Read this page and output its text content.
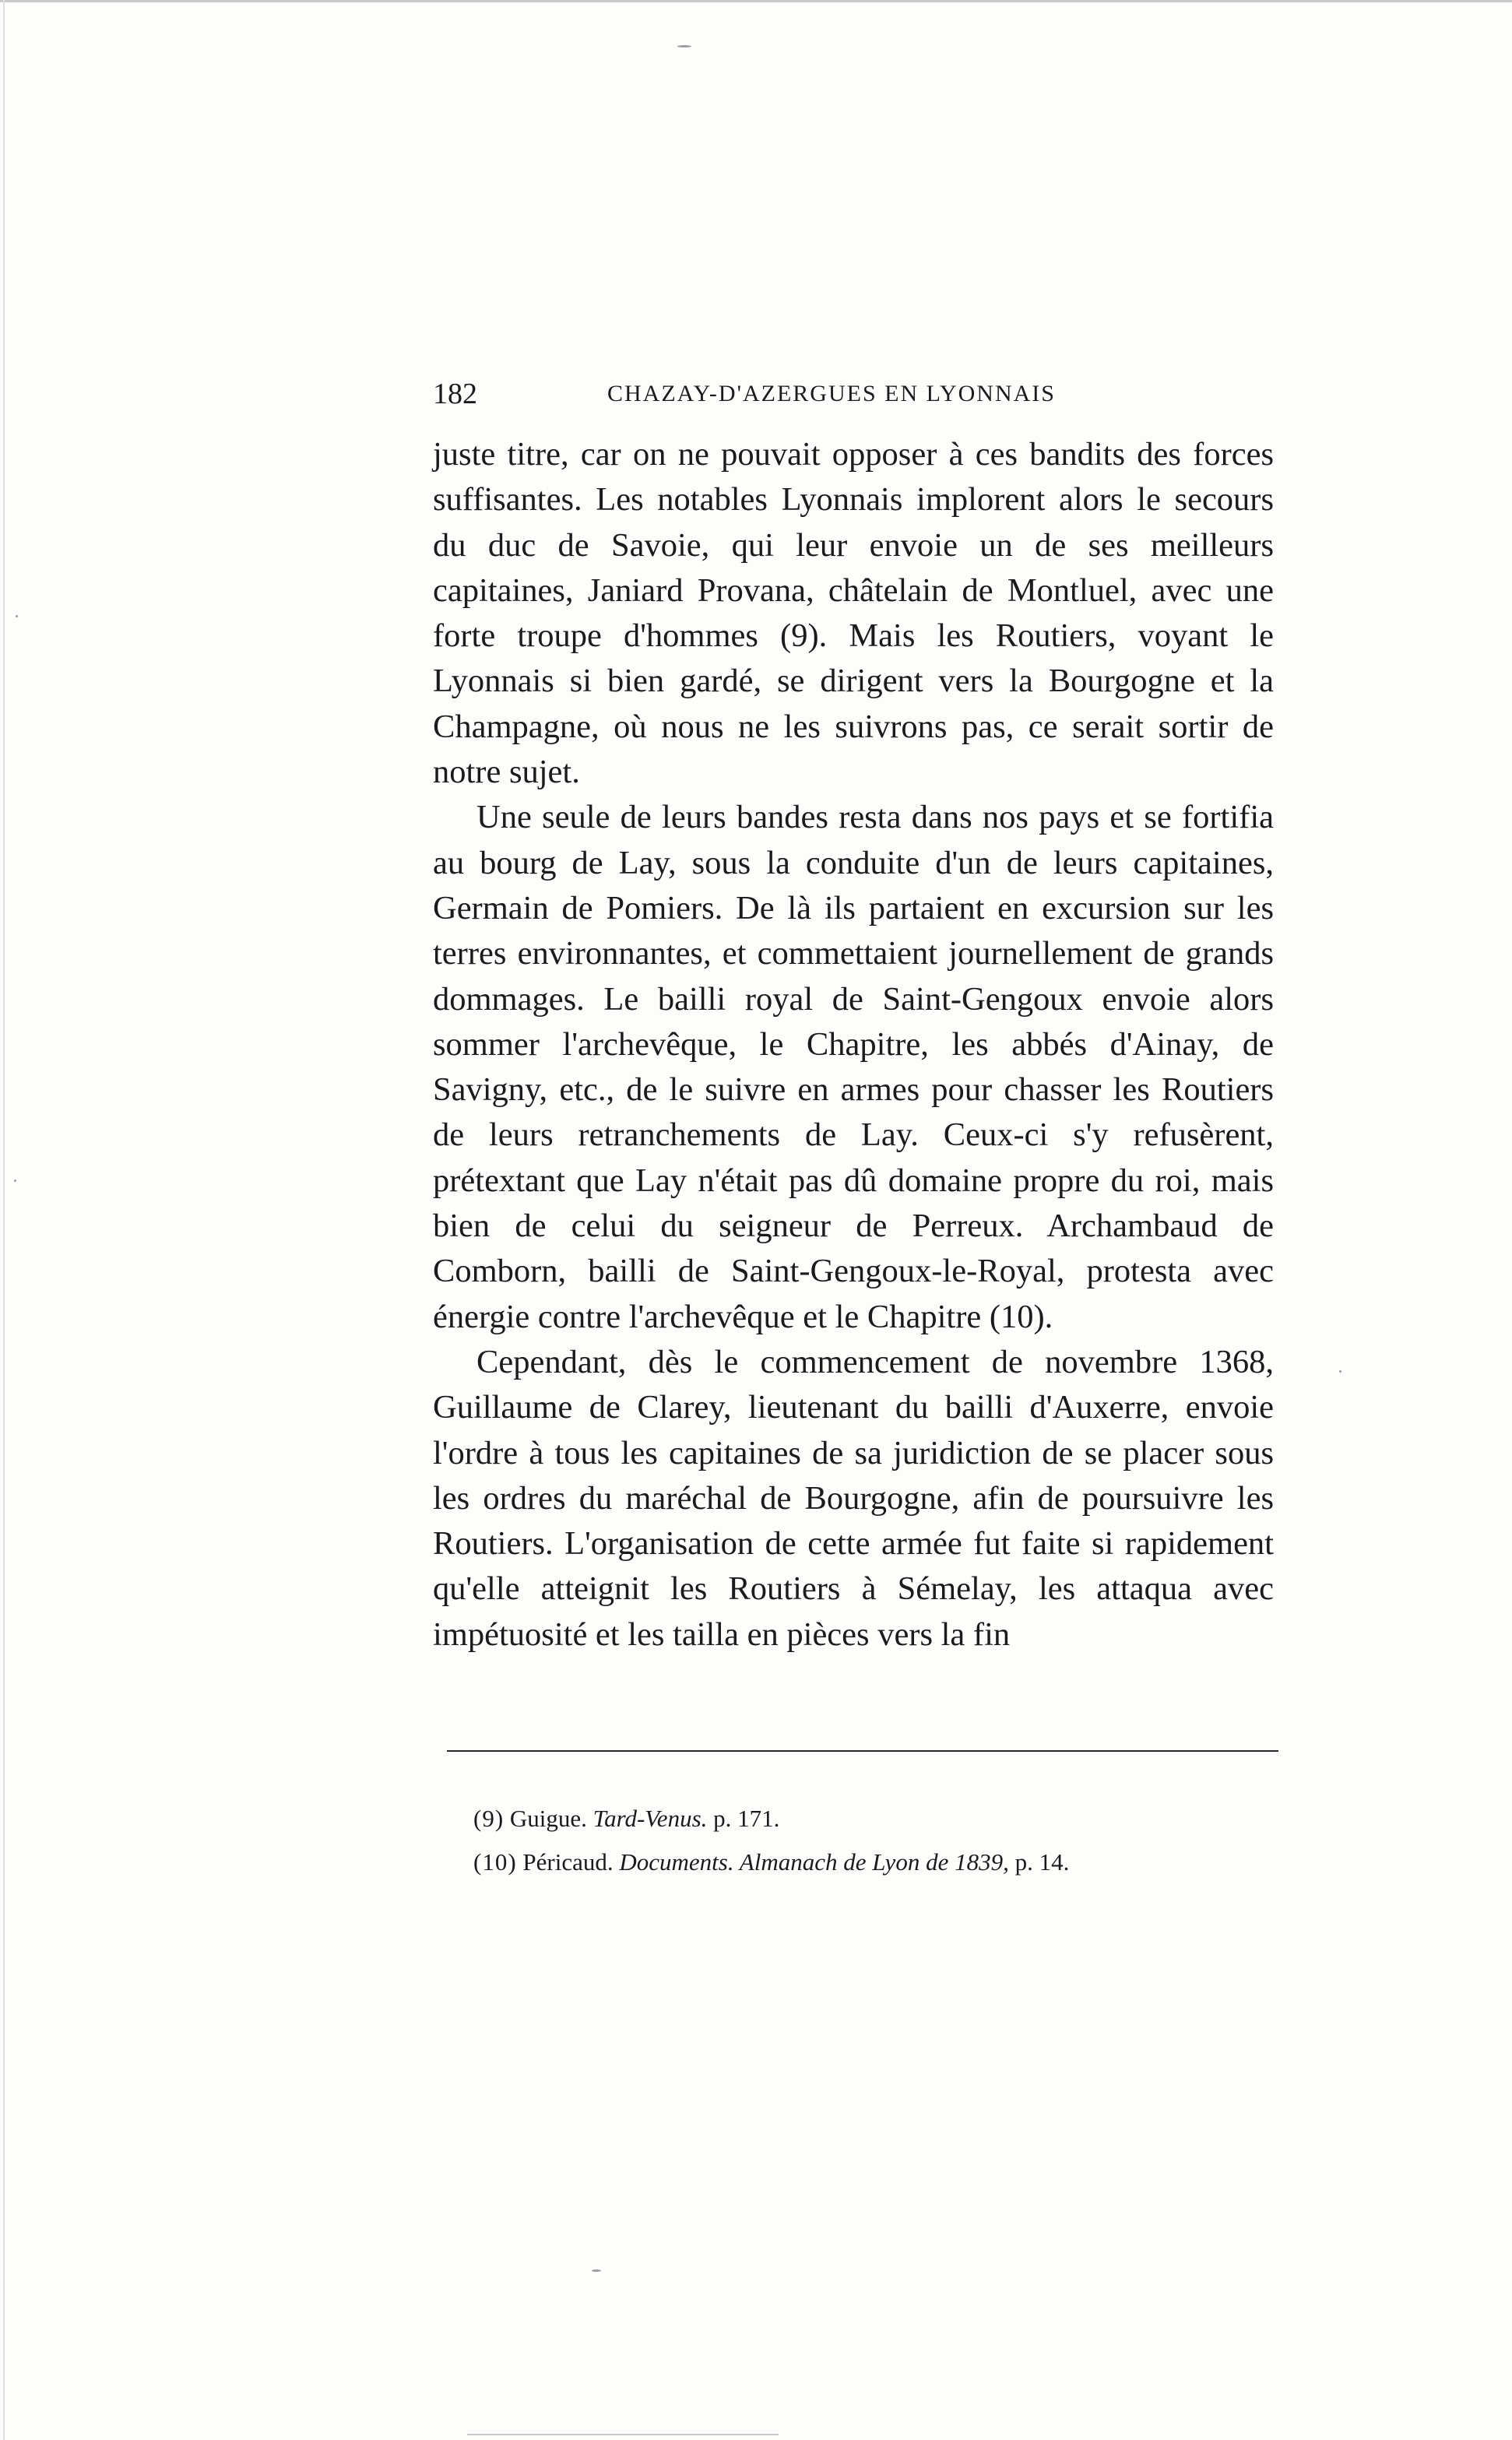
182	CHAZAY-D'AZERGUES EN LYONNAIS

juste titre, car on ne pouvait opposer à ces bandits des forces suffisantes. Les notables Lyonnais implorent alors le secours du duc de Savoie, qui leur envoie un de ses meilleurs capitaines, Janiard Provana, châtelain de Montluel, avec une forte troupe d'hommes (9). Mais les Routiers, voyant le Lyonnais si bien gardé, se dirigent vers la Bourgogne et la Champagne, où nous ne les suivrons pas, ce serait sortir de notre sujet.

Une seule de leurs bandes resta dans nos pays et se fortifia au bourg de Lay, sous la conduite d'un de leurs capitaines, Germain de Pomiers. De là ils partaient en excursion sur les terres environnantes, et commettaient journellement de grands dommages. Le bailli royal de Saint-Gengoux envoie alors sommer l'archevêque, le Chapitre, les abbés d'Ainay, de Savigny, etc., de le suivre en armes pour chasser les Routiers de leurs retranchements de Lay. Ceux-ci s'y refusèrent, prétextant que Lay n'était pas dû domaine propre du roi, mais bien de celui du seigneur de Perreux. Archambaud de Comborn, bailli de Saint-Gengoux-le-Royal, protesta avec énergie contre l'archevêque et le Chapitre (10).

Cependant, dès le commencement de novembre 1368, Guillaume de Clarey, lieutenant du bailli d'Auxerre, envoie l'ordre à tous les capitaines de sa juridiction de se placer sous les ordres du maréchal de Bourgogne, afin de poursuivre les Routiers. L'organisation de cette armée fut faite si rapidement qu'elle atteignit les Routiers à Sémelay, les attaqua avec impétuosité et les tailla en pièces vers la fin

(9) Guigue. Tard-Venus. p. 171.

(10) Péricaud. Documents. Almanach de Lyon de 1839, p. 14.
